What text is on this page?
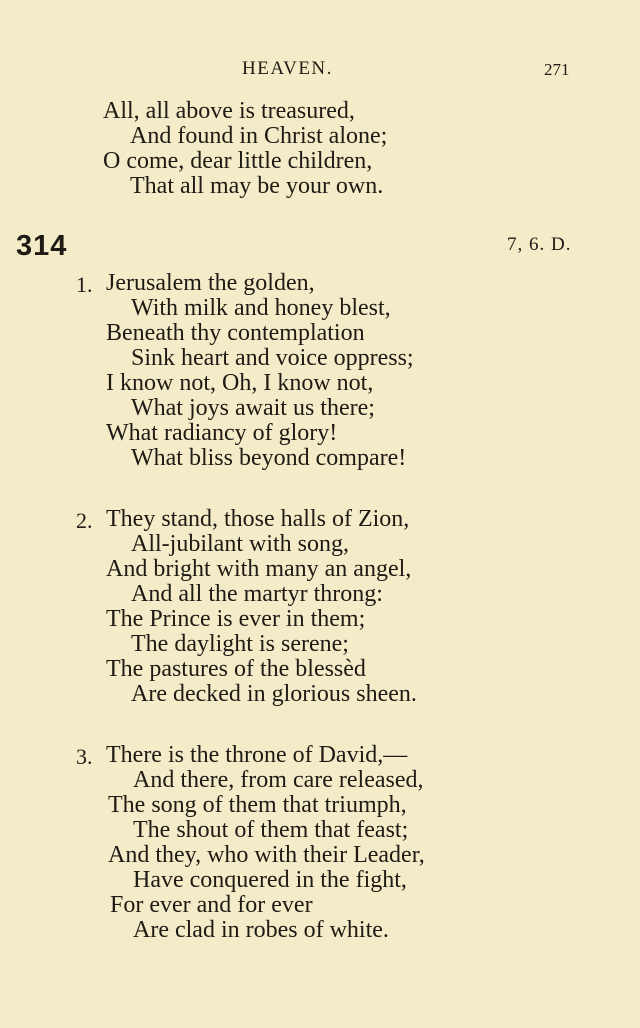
HEAVEN.	271
All, all above is treasured,
And found in Christ alone;
O come, dear little children,
That all may be your own.
314	7, 6. D.
1. Jerusalem the golden,
With milk and honey blest,
Beneath thy contemplation
Sink heart and voice oppress;
I know not, Oh, I know not,
What joys await us there;
What radiancy of glory!
What bliss beyond compare!
2. They stand, those halls of Zion,
All-jubilant with song,
And bright with many an angel,
And all the martyr throng:
The Prince is ever in them;
The daylight is serene;
The pastures of the blessèd
Are decked in glorious sheen.
3. There is the throne of David,—
And there, from care released,
The song of them that triumph,
The shout of them that feast;
And they, who with their Leader,
Have conquered in the fight,
For ever and for ever
Are clad in robes of white.
